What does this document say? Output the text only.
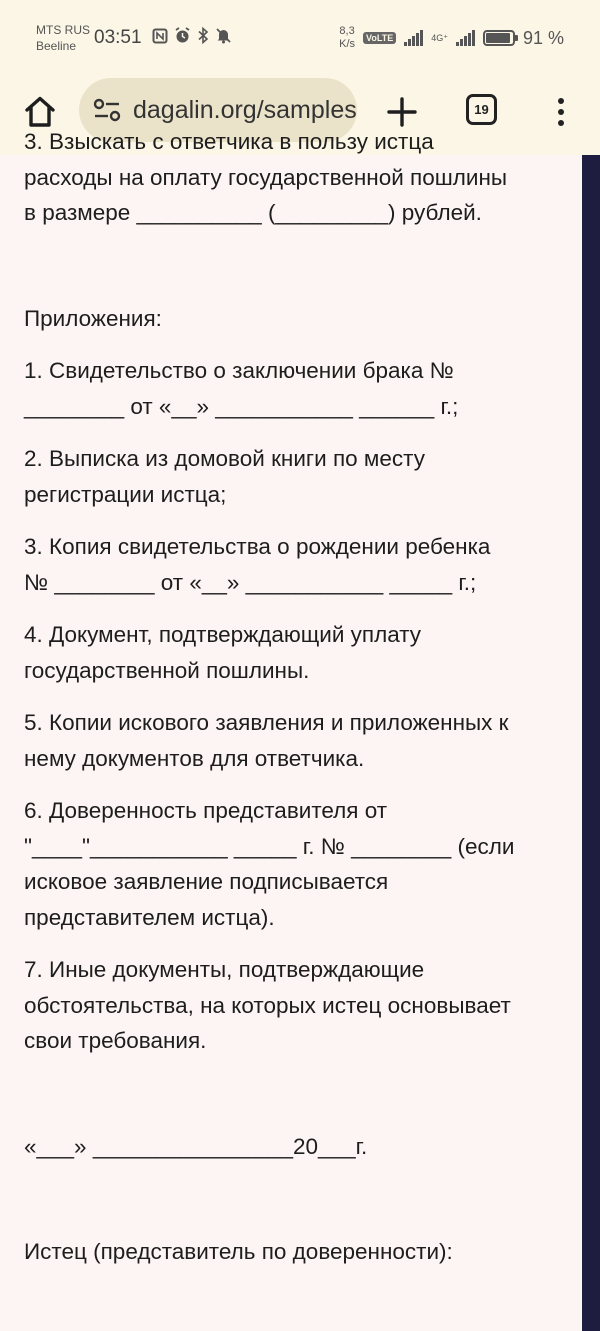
MTS RUS
Beeline 03:51	8,3
K/s	VoLTE	4G⁺	91 %
dagalin.org/samples	19

3. Взыскать с ответчика в пользу истца

расходы на оплату государственной пошлины

в размере __________ (_________) рублей.

Приложения:

1. Свидетельство о заключении брака №

________ от «__» ___________ ______ г.;

2. Выписка из домовой книги по месту

регистрации истца;

3. Копия свидетельства о рождении ребенка

№ ________ от «__» ___________ _____ г.;

4. Документ, подтверждающий уплату

государственной пошлины.

5. Копии искового заявления и приложенных к

нему документов для ответчика.

6. Доверенность представителя от

"____"___________ _____ г. № ________ (если

исковое заявление подписывается

представителем истца).

7. Иные документы, подтверждающие

обстоятельства, на которых истец основывает

свои требования.

«___» ________________20___г.

Истец (представитель по доверенности):
